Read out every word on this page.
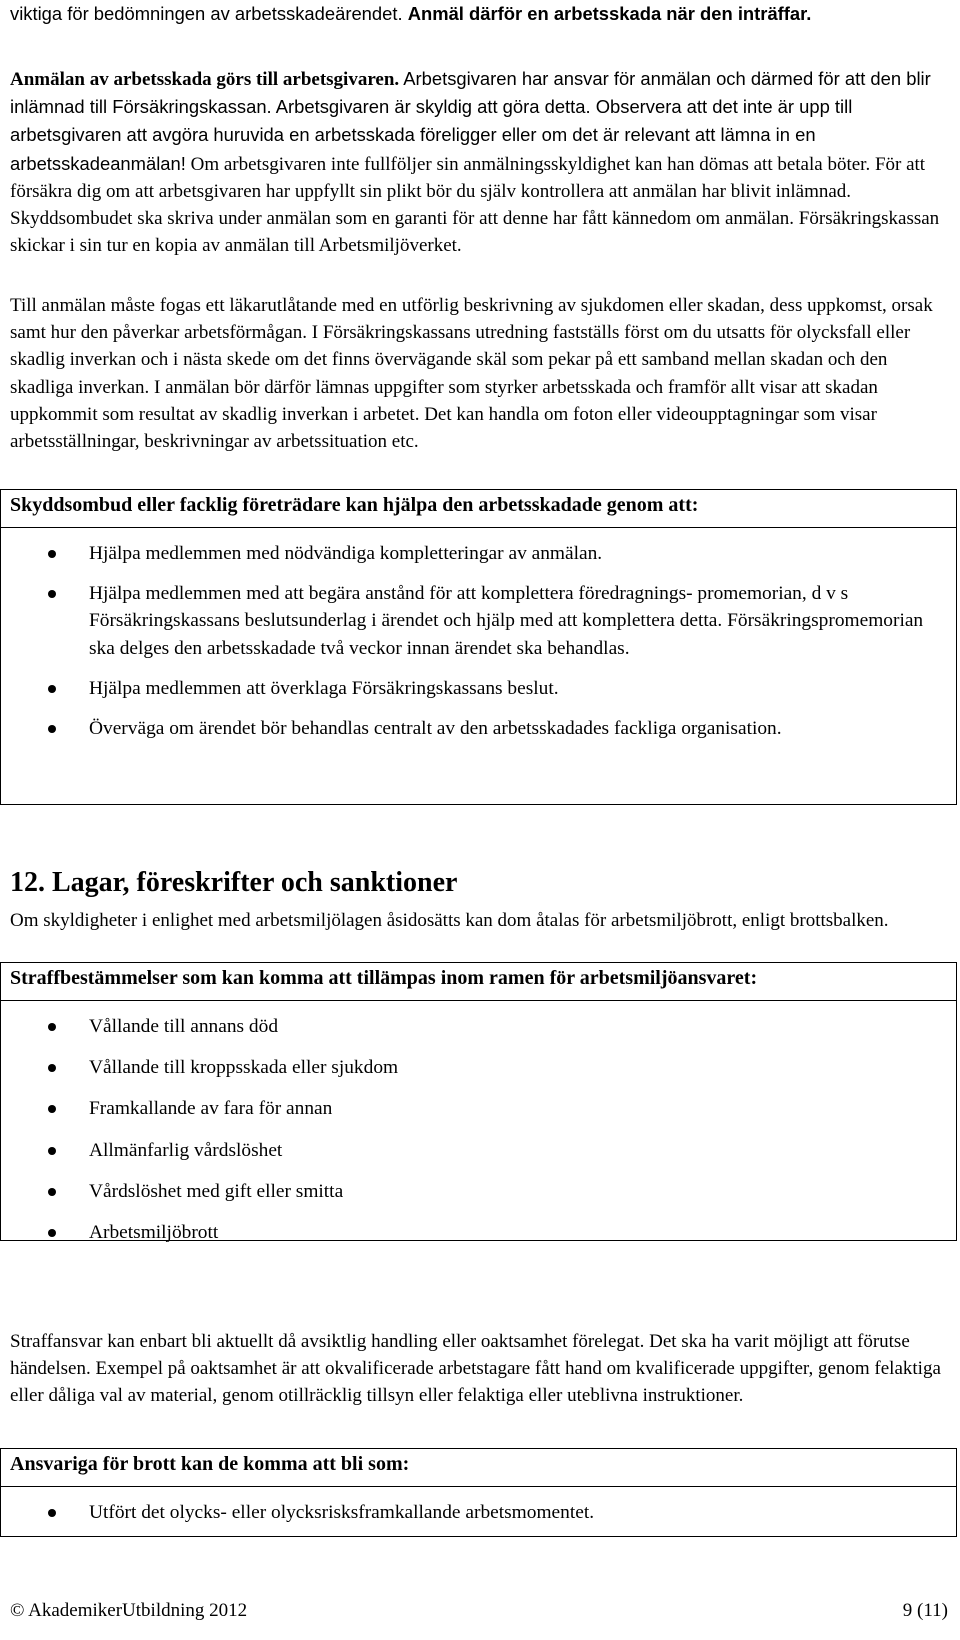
viktiga för bedömningen av arbetsskadeärendet. Anmäl därför en arbetsskada när den inträffar.

Anmälan av arbetsskada görs till arbetsgivaren. Arbetsgivaren har ansvar för anmälan och därmed för att den blir inlämnad till Försäkringskassan. Arbetsgivaren är skyldig att göra detta. Observera att det inte är upp till arbetsgivaren att avgöra huruvida en arbetsskada föreligger eller om det är relevant att lämna in en arbetsskadeanmälan! Om arbetsgivaren inte fullföljer sin anmälningsskyldighet kan han dömas att betala böter. För att försäkra dig om att arbetsgivaren har uppfyllt sin plikt bör du själv kontrollera att anmälan har blivit inlämnad. Skyddsombudet ska skriva under anmälan som en garanti för att denne har fått kännedom om anmälan. Försäkringskassan skickar i sin tur en kopia av anmälan till Arbetsmiljöverket.

Till anmälan måste fogas ett läkarutlåtande med en utförlig beskrivning av sjukdomen eller skadan, dess uppkomst, orsak samt hur den påverkar arbetsförmågan. I Försäkringskassans utredning fastställs först om du utsatts för olycksfall eller skadlig inverkan och i nästa skede om det finns övervägande skäl som pekar på ett samband mellan skadan och den skadliga inverkan. I anmälan bör därför lämnas uppgifter som styrker arbetsskada och framför allt visar att skadan uppkommit som resultat av skadlig inverkan i arbetet. Det kan handla om foton eller videoupptagningar som visar arbetsställningar, beskrivningar av arbetssituation etc.

Skyddsombud eller facklig företrädare kan hjälpa den arbetsskadade genom att:
Hjälpa medlemmen med nödvändiga kompletteringar av anmälan.
Hjälpa medlemmen med att begära anstånd för att komplettera föredragnings- promemorian, d v s Försäkringskassans beslutsunderlag i ärendet och hjälp med att komplettera detta. Försäkringspromemorian ska delges den arbetsskadade två veckor innan ärendet ska behandlas.
Hjälpa medlemmen att överklaga Försäkringskassans beslut.
Överväga om ärendet bör behandlas centralt av den arbetsskadades fackliga organisation.
12. Lagar, föreskrifter och sanktioner

Om skyldigheter i enlighet med arbetsmiljölagen åsidosätts kan dom åtalas för arbetsmiljöbrott, enligt brottsbalken.

Straffbestämmelser som kan komma att tillämpas inom ramen för arbetsmiljöansvaret:
Vållande till annans död
Vållande till kroppsskada eller sjukdom
Framkallande av fara för annan
Allmänfarlig vårdslöshet
Vårdslöshet med gift eller smitta
Arbetsmiljöbrott

Straffansvar kan enbart bli aktuellt då avsiktlig handling eller oaktsamhet förelegat. Det ska ha varit möjligt att förutse händelsen. Exempel på oaktsamhet är att okvalificerade arbetstagare fått hand om kvalificerade uppgifter, genom felaktiga eller dåliga val av material, genom otillräcklig tillsyn eller felaktiga eller uteblivna instruktioner.

Ansvariga för brott kan de komma att bli som:
Utfört det olycks- eller olycksrisksframkallande arbetsmomentet.
© AkademikerUtbildning 2012	9 (11)
